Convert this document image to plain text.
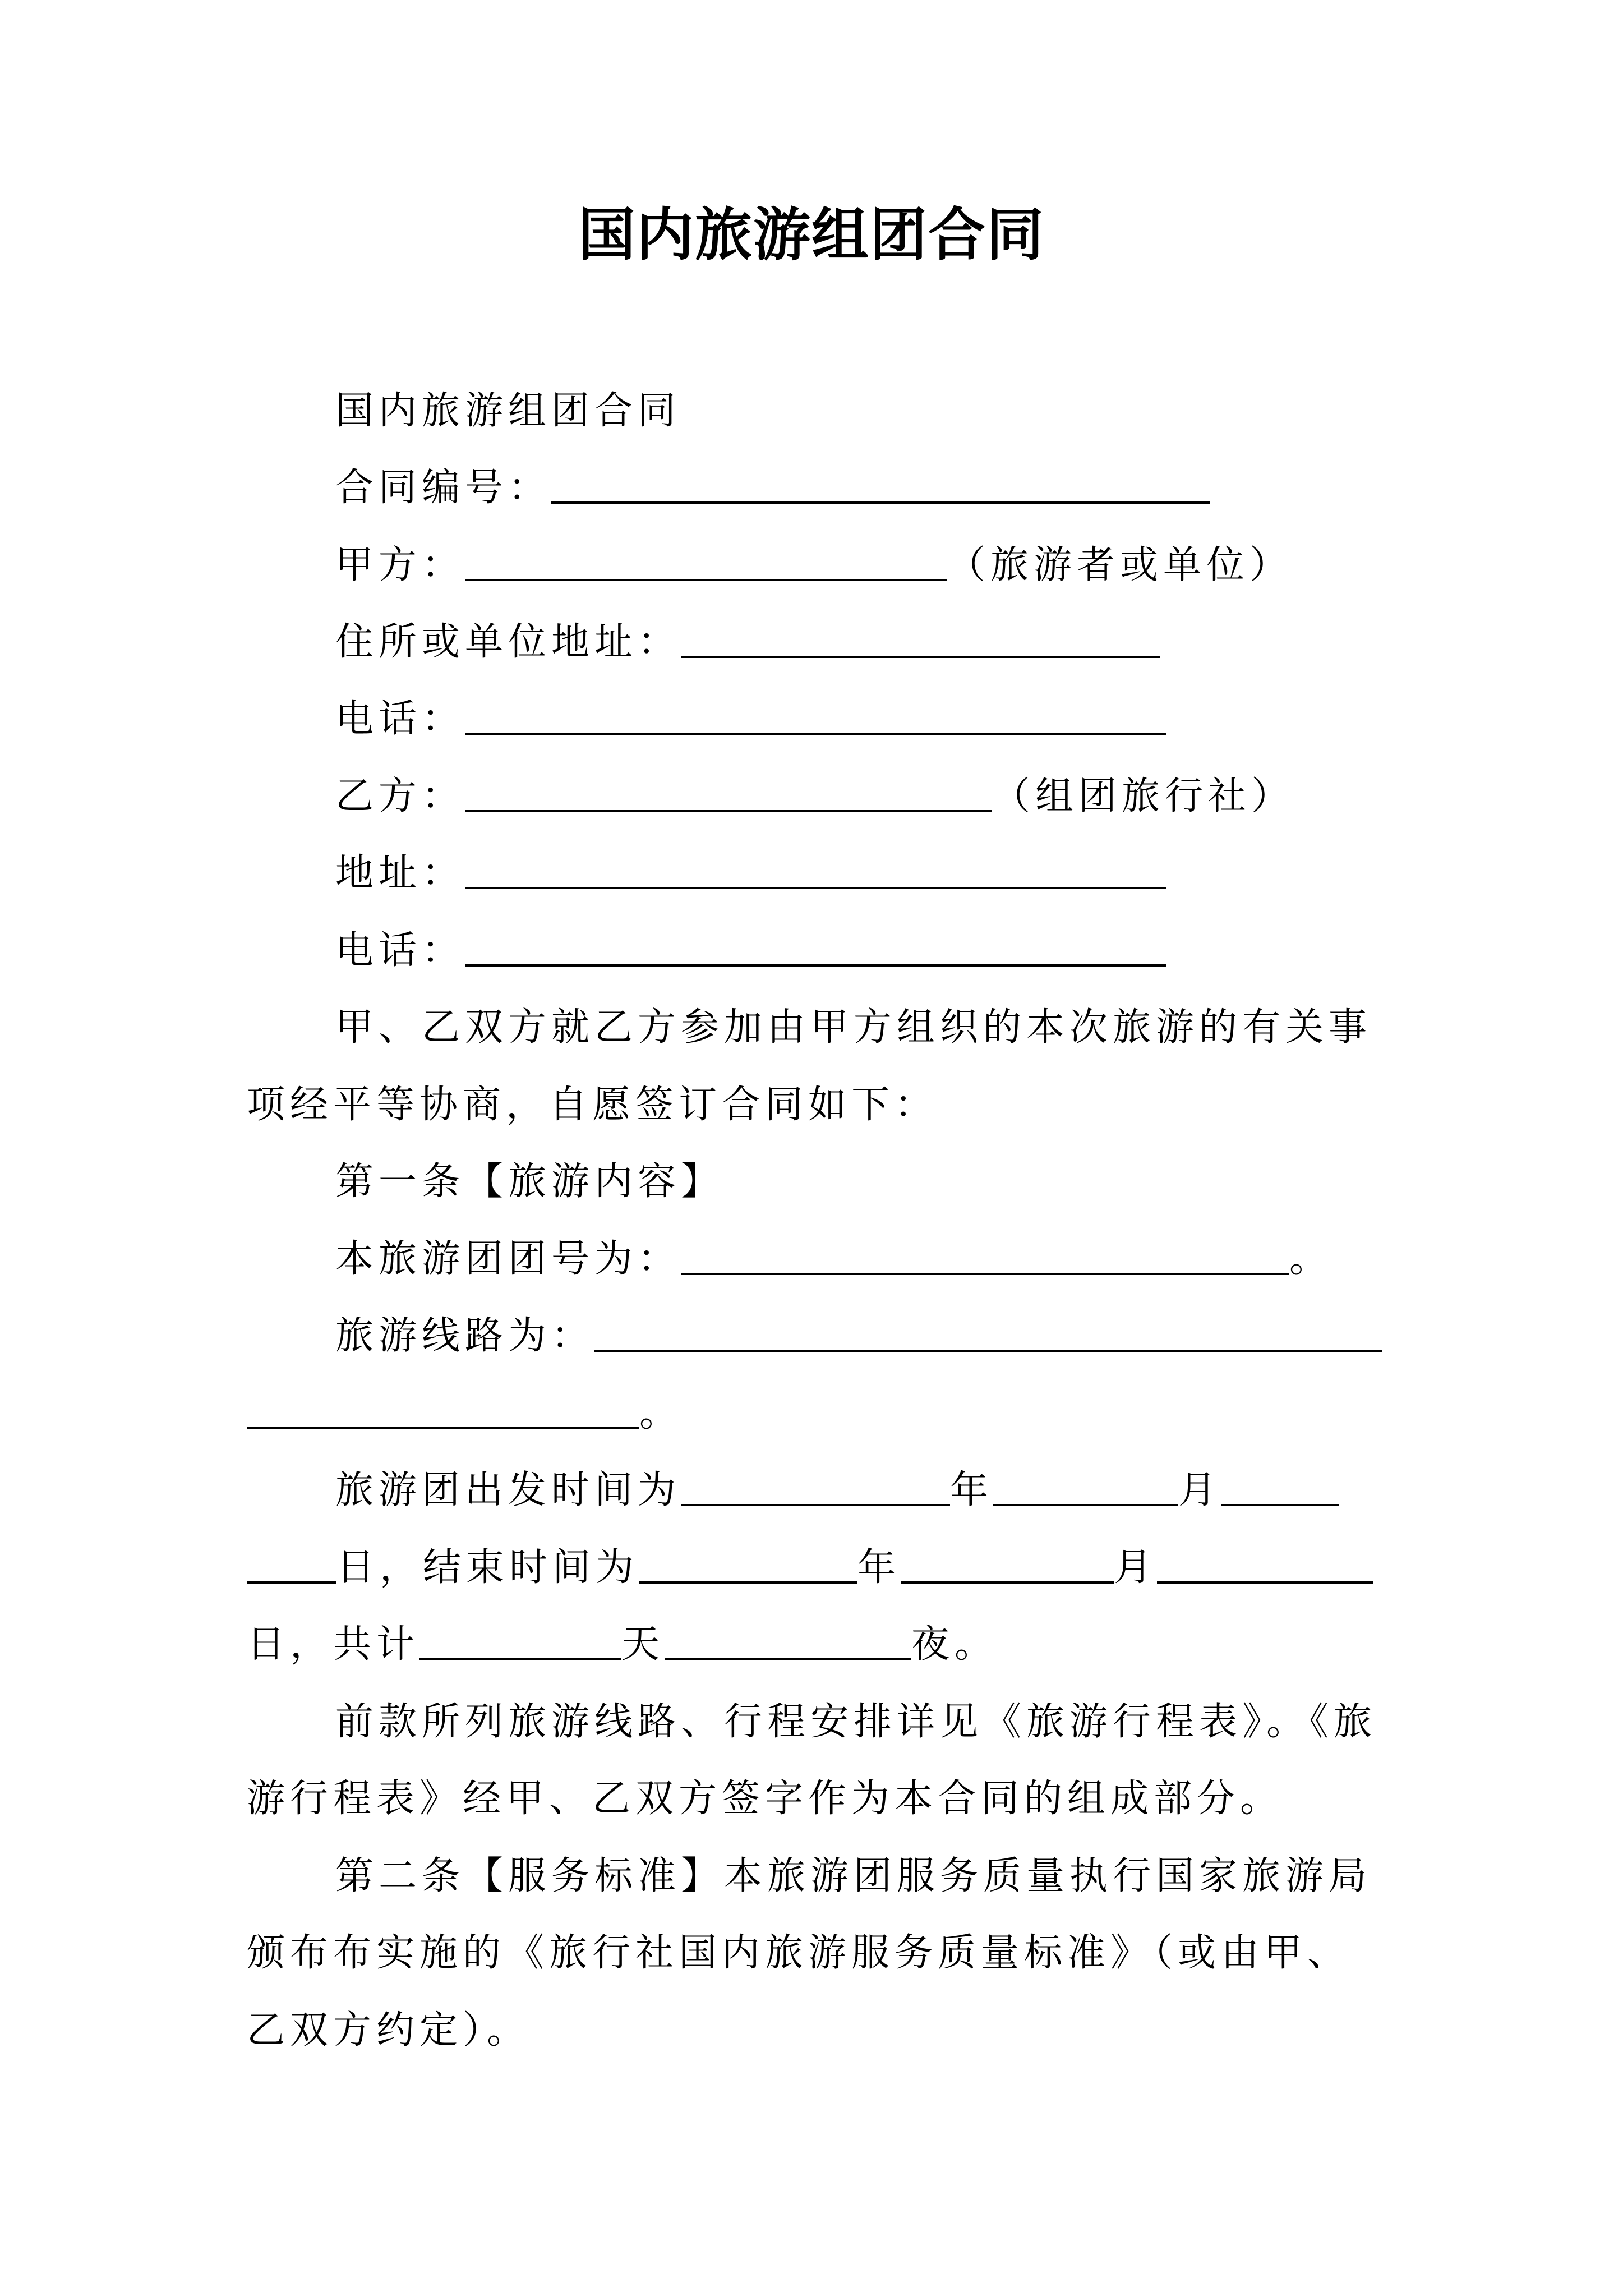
国内旅游组团合同
国内旅游组团合同
合同编号：
甲方：	（旅游者或单位）
住所或单位地址：
电话：
乙方：	（组团旅行社）
地址：
电话：
甲、乙双方就乙方参加由甲方组织的本次旅游的有关事
项经平等协商，自愿签订合同如下：
第一条【旅游内容】
本旅游团团号为：	。
旅游线路为：
。
旅游团出发时间为	年	月
日，结束时间为	年	月
日，共计	天	夜。
前款所列旅游线路、行程安排详见《旅游行程表》。《旅
游行程表》经甲、乙双方签字作为本合同的组成部分。
第二条【服务标准】本旅游团服务质量执行国家旅游局
颁布布实施的《旅行社国内旅游服务质量标准》（或由甲、
乙双方约定）。
